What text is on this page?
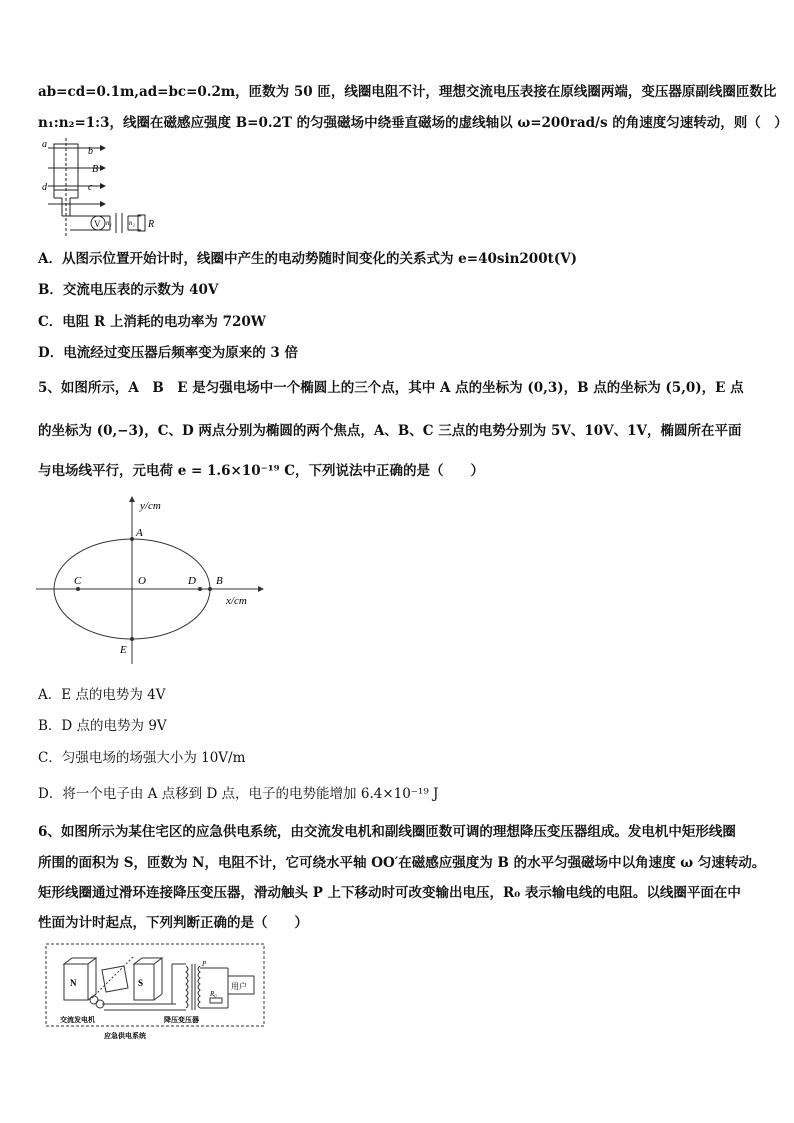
ab=cd=0.1m,ad=bc=0.2m，匝数为 50 匝，线圈电阻不计，理想交流电压表接在原线圈两端，变压器原副线圈匝数比
n₁:n₂=1:3，线圈在磁感应强度 B=0.2T 的匀强磁场中绕垂直磁场的虚线轴以 ω=200rad/s 的角速度匀速转动，则（　）
a
b
B
d	c
V n₁ n₂ R
A．从图示位置开始计时，线圈中产生的电动势随时间变化的关系式为 e=40sin200t(V)
B．交流电压表的示数为 40V
C．电阻 R 上消耗的电功率为 720W
D．电流经过变压器后频率变为原来的 3 倍
5、如图所示，A　B　E 是匀强电场中一个椭圆上的三个点，其中 A 点的坐标为 (0,3)，B 点的坐标为 (5,0)，E 点
的坐标为 (0,−3)，C、D 两点分别为椭圆的两个焦点，A、B、C 三点的电势分别为 5V、10V、1V，椭圆所在平面
与电场线平行，元电荷 e = 1.6×10⁻¹⁹ C，下列说法中正确的是（　　）
y/cm
x/cm
A
B
C	D
O
E
A．E 点的电势为 4V
B．D 点的电势为 9V
C．匀强电场的场强大小为 10V/m
D．将一个电子由 A 点移到 D 点，电子的电势能增加 6.4×10⁻¹⁹ J
6、如图所示为某住宅区的应急供电系统，由交流发电机和副线圈匝数可调的理想降压变压器组成。发电机中矩形线圈
所围的面积为 S，匝数为 N，电阻不计，它可绕水平轴 OO′在磁感应强度为 B 的水平匀强磁场中以角速度 ω 匀速转动。
矩形线圈通过滑环连接降压变压器，滑动触头 P 上下移动时可改变输出电压，R₀ 表示输电线的电阻。以线圈平面在中
性面为计时起点，下列判断正确的是（　　）
N	S	用户
R₀
P
交流发电机	降压变压器
应急供电系统
